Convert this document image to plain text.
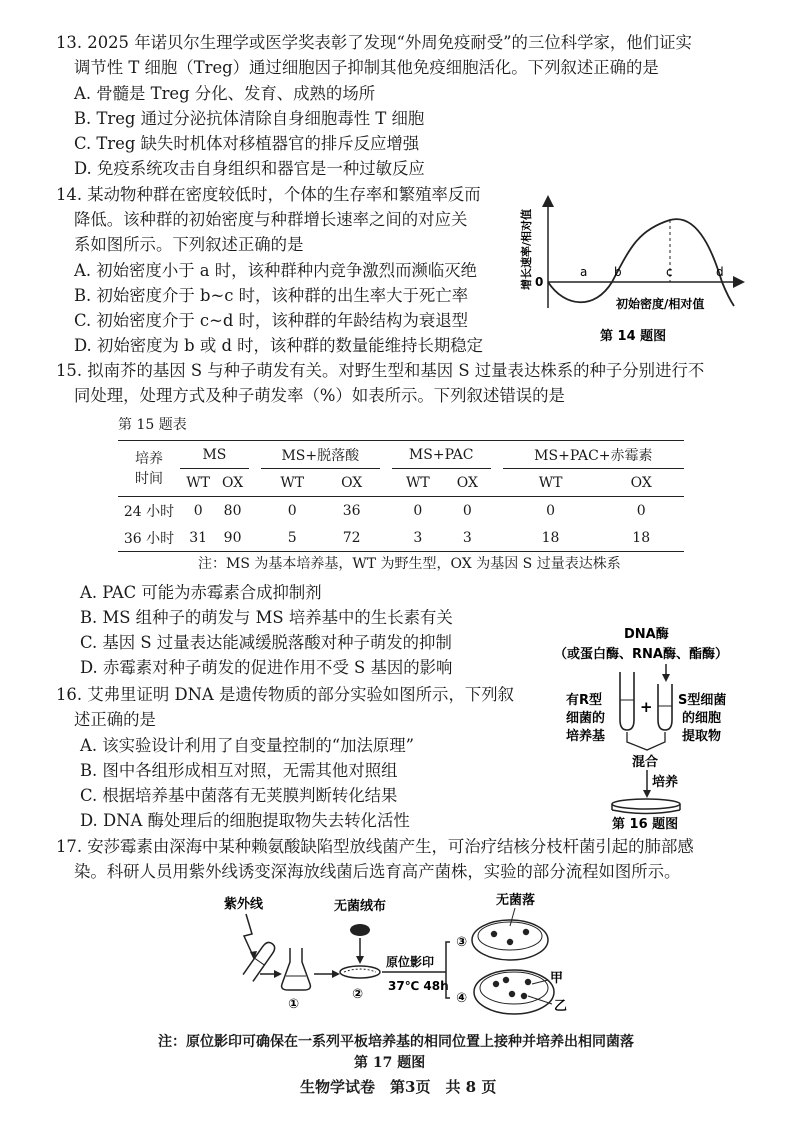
13. 2025 年诺贝尔生理学或医学奖表彰了发现“外周免疫耐受”的三位科学家，他们证实
调节性 T 细胞（Treg）通过细胞因子抑制其他免疫细胞活化。下列叙述正确的是
A. 骨髓是 Treg 分化、发育、成熟的场所
B. Treg 通过分泌抗体清除自身细胞毒性 T 细胞
C. Treg 缺失时机体对移植器官的排斥反应增强
D. 免疫系统攻击自身组织和器官是一种过敏反应
14. 某动物种群在密度较低时，个体的生存率和繁殖率反而
降低。该种群的初始密度与种群增长速率之间的对应关
系如图所示。下列叙述正确的是
A. 初始密度小于 a 时，该种群种内竞争激烈而濒临灭绝
B. 初始密度介于 b~c 时，该种群的出生率大于死亡率
C. 初始密度介于 c~d 时，该种群的年龄结构为衰退型
D. 初始密度为 b 或 d 时，该种群的数量能维持长期稳定
0
a b	c	d
初始密度/相对值
增长速率/相对值
第 14 题图
15. 拟南芥的基因 S 与种子萌发有关。对野生型和基因 S 过量表达株系的种子分别进行不
同处理，处理方式及种子萌发率（%）如表所示。下列叙述错误的是
第 15 题表
培养时间	MS			MS+脱落酸			MS+PAC			MS+PAC+赤霉素	
	WT	OX		WT	OX		WT	OX		WT	OX
24 小时	0	80		0	36		0	0		0	0
36 小时	31	90		5	72		3	3		18	18
注：MS 为基本培养基，WT 为野生型，OX 为基因 S 过量表达株系
A. PAC 可能为赤霉素合成抑制剂
B. MS 组种子的萌发与 MS 培养基中的生长素有关
C. 基因 S 过量表达能减缓脱落酸对种子萌发的抑制
D. 赤霉素对种子萌发的促进作用不受 S 基因的影响
16. 艾弗里证明 DNA 是遗传物质的部分实验如图所示，下列叙
述正确的是
A. 该实验设计利用了自变量控制的“加法原理”
B. 图中各组形成相互对照，无需其他对照组
C. 根据培养基中菌落有无荚膜判断转化结果
D. DNA 酶处理后的细胞提取物失去转化活性
DNA酶
（或蛋白酶、RNA酶、酯酶）
+
有R型
细菌的
培养基
S型细菌
的细胞
提取物
混合
培养
第 16 题图
17. 安莎霉素由深海中某种赖氨酸缺陷型放线菌产生，可治疗结核分枝杆菌引起的肺部感
染。科研人员用紫外线诱变深海放线菌后选育高产菌株，实验的部分流程如图所示。
紫外线
①
无菌绒布
②
原位影印
37℃ 48h
③
④
无菌落
甲
乙
注：原位影印可确保在一系列平板培养基的相同位置上接种并培养出相同菌落
第 17 题图
生物学试卷　第3页　共 8 页
